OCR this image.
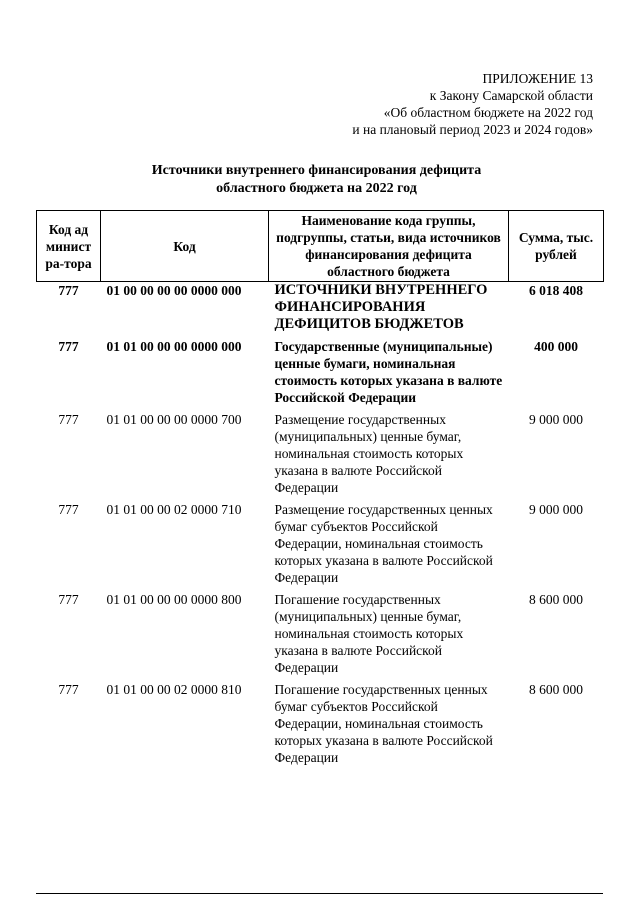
ПРИЛОЖЕНИЕ 13
к Закону Самарской области
«Об областном бюджете на 2022 год
и на плановый период 2023 и 2024 годов»
Источники внутреннего финансирования дефицита
областного бюджета на 2022 год
Код администра-тора	Код	Наименование кода группы, подгруппы, статьи, вида источников финансирования дефицита областного бюджета	Сумма, тыс. рублей
777	01 00 00 00 00 0000 000	ИСТОЧНИКИ ВНУТРЕННЕГО ФИНАНСИРОВАНИЯ ДЕФИЦИТОВ БЮДЖЕТОВ	6 018 408
777	01 01 00 00 00 0000 000	Государственные (муниципальные) ценные бумаги, номинальная стоимость которых указана в валюте Российской Федерации	400 000
777	01 01 00 00 00 0000 700	Размещение государственных (муниципальных) ценные бумаг, номинальная стоимость которых указана в валюте Российской Федерации	9 000 000
777	01 01 00 00 02 0000 710	Размещение государственных ценных бумаг субъектов Российской Федерации, номинальная стоимость которых указана в валюте Российской Федерации	9 000 000
777	01 01 00 00 00 0000 800	Погашение государственных (муниципальных) ценные бумаг, номинальная стоимость которых указана в валюте Российской Федерации	8 600 000
777	01 01 00 00 02 0000 810	Погашение государственных ценных бумаг субъектов Российской Федерации, номинальная стоимость которых указана в валюте Российской Федерации	8 600 000
